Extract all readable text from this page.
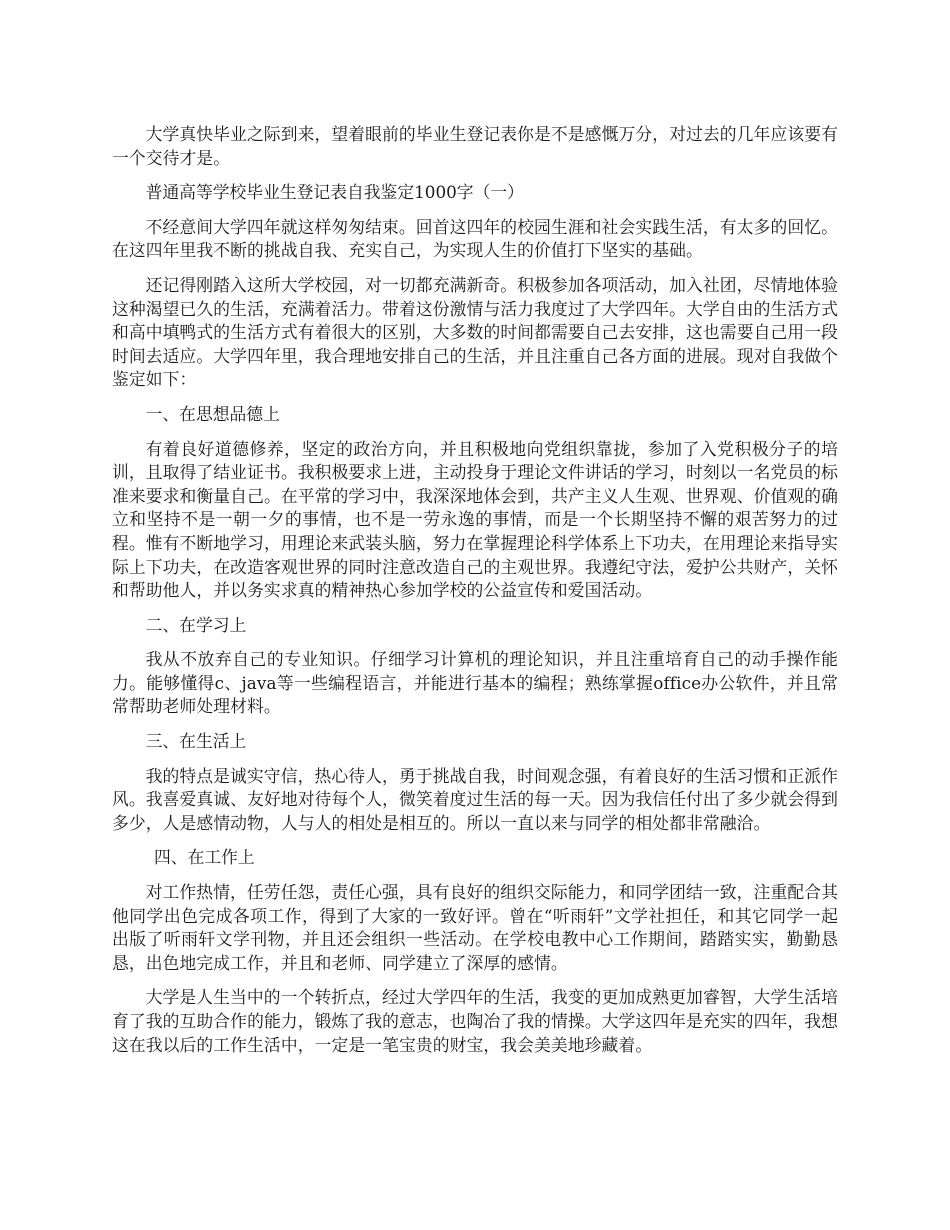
大学真快毕业之际到来，望着眼前的毕业生登记表你是不是感慨万分，对过去的几年应该要有一个交待才是。

普通高等学校毕业生登记表自我鉴定1000字（一）

不经意间大学四年就这样匆匆结束。回首这四年的校园生涯和社会实践生活，有太多的回忆。在这四年里我不断的挑战自我、充实自己，为实现人生的价值打下坚实的基础。

还记得刚踏入这所大学校园，对一切都充满新奇。积极参加各项活动，加入社团，尽情地体验这种渴望已久的生活，充满着活力。带着这份激情与活力我度过了大学四年。大学自由的生活方式和高中填鸭式的生活方式有着很大的区别，大多数的时间都需要自己去安排，这也需要自己用一段时间去适应。大学四年里，我合理地安排自己的生活，并且注重自己各方面的进展。现对自我做个鉴定如下：

一、在思想品德上

有着良好道德修养，坚定的政治方向，并且积极地向党组织靠拢，参加了入党积极分子的培训，且取得了结业证书。我积极要求上进，主动投身于理论文件讲话的学习，时刻以一名党员的标准来要求和衡量自己。在平常的学习中，我深深地体会到，共产主义人生观、世界观、价值观的确立和坚持不是一朝一夕的事情，也不是一劳永逸的事情，而是一个长期坚持不懈的艰苦努力的过程。惟有不断地学习，用理论来武装头脑，努力在掌握理论科学体系上下功夫，在用理论来指导实际上下功夫，在改造客观世界的同时注意改造自己的主观世界。我遵纪守法，爱护公共财产，关怀和帮助他人，并以务实求真的精神热心参加学校的公益宣传和爱国活动。

二、在学习上

我从不放弃自己的专业知识。仔细学习计算机的理论知识，并且注重培育自己的动手操作能力。能够懂得c、java等一些编程语言，并能进行基本的编程；熟练掌握office办公软件，并且常常帮助老师处理材料。

三、在生活上

我的特点是诚实守信，热心待人，勇于挑战自我，时间观念强，有着良好的生活习惯和正派作风。我喜爱真诚、友好地对待每个人，微笑着度过生活的每一天。因为我信任付出了多少就会得到多少，人是感情动物，人与人的相处是相互的。所以一直以来与同学的相处都非常融洽。

四、在工作上

对工作热情，任劳任怨，责任心强，具有良好的组织交际能力，和同学团结一致，注重配合其他同学出色完成各项工作，得到了大家的一致好评。曾在“听雨轩”文学社担任，和其它同学一起出版了听雨轩文学刊物，并且还会组织一些活动。在学校电教中心工作期间，踏踏实实，勤勤恳恳，出色地完成工作，并且和老师、同学建立了深厚的感情。

大学是人生当中的一个转折点，经过大学四年的生活，我变的更加成熟更加睿智，大学生活培育了我的互助合作的能力，锻炼了我的意志，也陶冶了我的情操。大学这四年是充实的四年，我想这在我以后的工作生活中，一定是一笔宝贵的财宝，我会美美地珍藏着。
